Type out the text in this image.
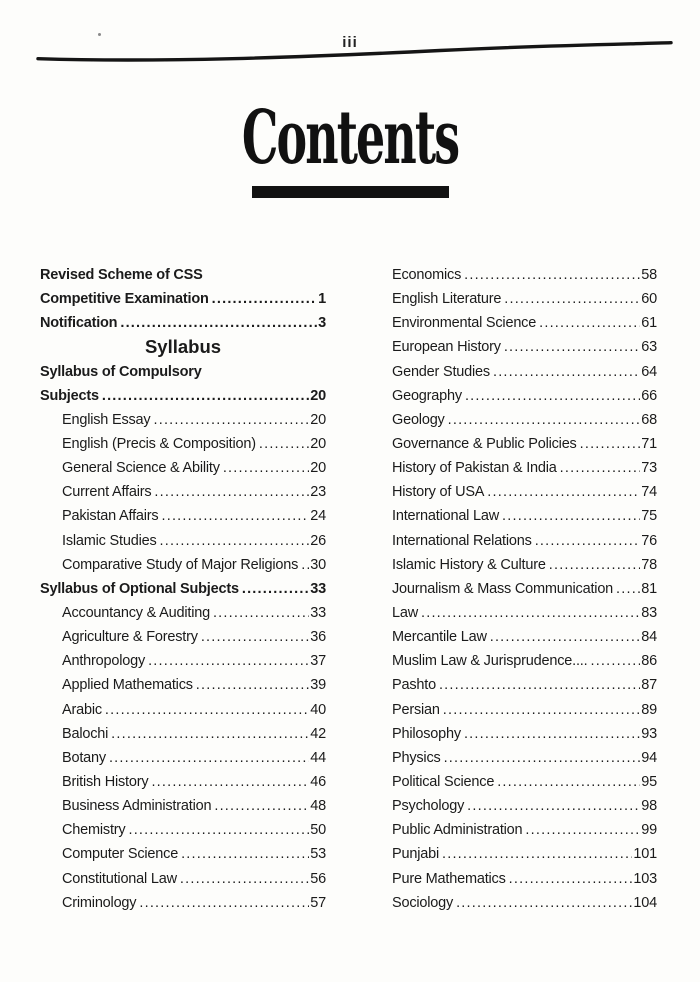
iii
Contents
Revised Scheme of CSS
Competitive Examination .....	1
Notification .....	3
Syllabus
Syllabus of Compulsory
Subjects .....	20
English Essay .....	20
English (Precis & Composition) .....	20
General Science & Ability .....	20
Current Affairs .....	23
Pakistan Affairs .....	24
Islamic Studies .....	26
Comparative Study of Major Religions ..... 30
Syllabus of Optional Subjects .....	33
Accountancy & Auditing .....	33
Agriculture & Forestry .....	36
Anthropology .....	37
Applied Mathematics .....	39
Arabic .....	40
Balochi .....	42
Botany .....	44
British History .....	46
Business Administration .....	48
Chemistry .....	50
Computer Science .....	53
Constitutional Law .....	56
Criminology .....	57
Economics .....	58
English Literature .....	60
Environmental Science .....	61
European History .....	63
Gender Studies .....	64
Geography .....	66
Geology .....	68
Governance & Public Policies .....	71
History of Pakistan & India .....	73
History of USA .....	74
International Law .....	75
International Relations .....	76
Islamic History & Culture .....	78
Journalism & Mass Communication ..... 81
Law .....	83
Mercantile Law .....	84
Muslim Law & Jurisprudence.... .....	86
Pashto .....	87
Persian .....	89
Philosophy .....	93
Physics .....	94
Political Science .....	95
Psychology .....	98
Public Administration .....	99
Punjabi .....	101
Pure Mathematics .....	103
Sociology .....	104
